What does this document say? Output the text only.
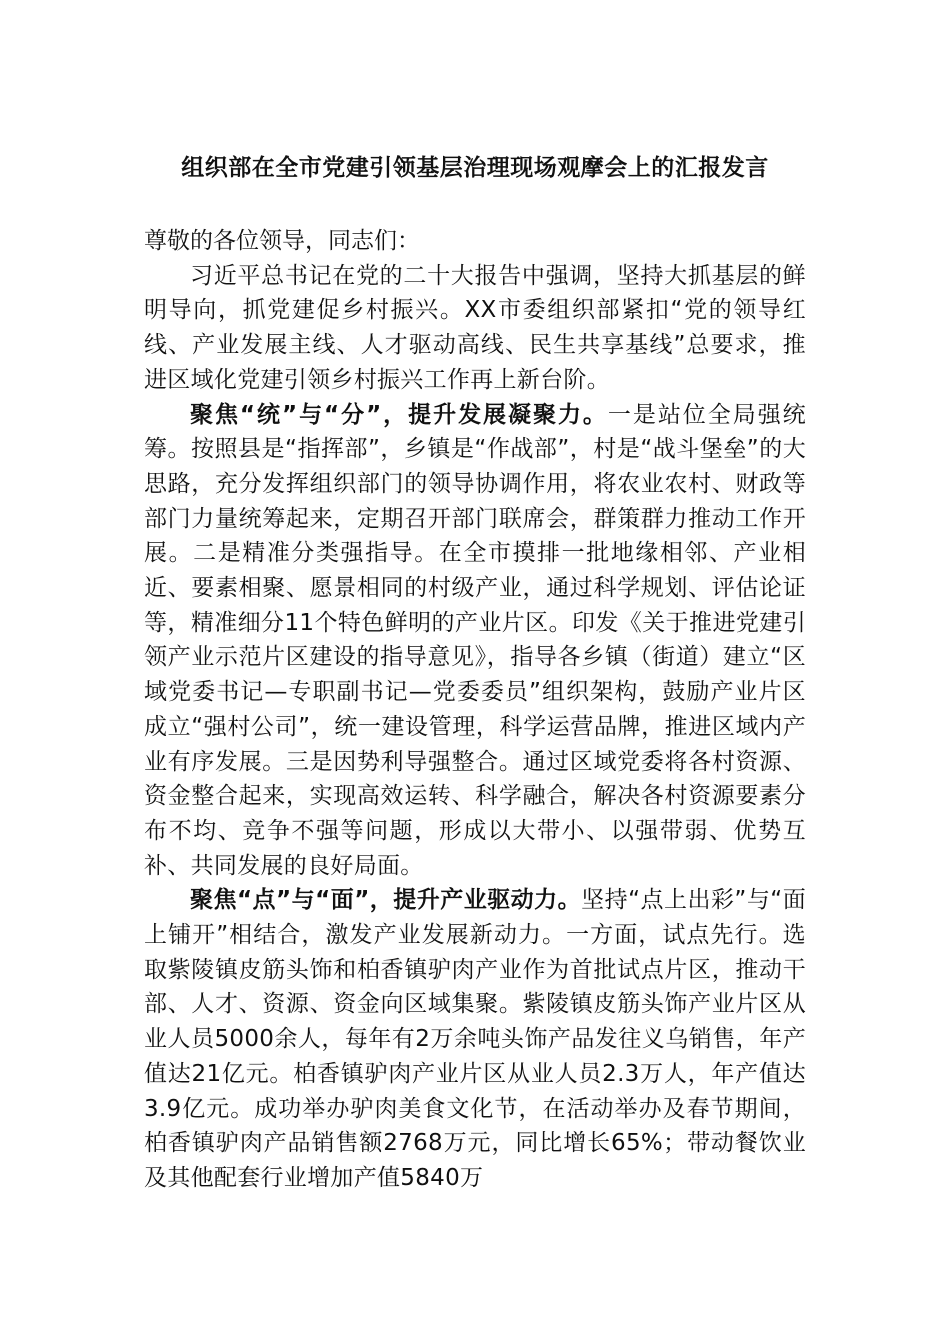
组织部在全市党建引领基层治理现场观摩会上的汇报发言

尊敬的各位领导，同志们：

习近平总书记在党的二十大报告中强调，坚持大抓基层的鲜明导向，抓党建促乡村振兴。XX市委组织部紧扣“党的领导红线、产业发展主线、人才驱动高线、民生共享基线”总要求，推进区域化党建引领乡村振兴工作再上新台阶。

聚焦“统”与“分”，提升发展凝聚力。一是站位全局强统筹。按照县是“指挥部”，乡镇是“作战部”，村是“战斗堡垒”的大思路，充分发挥组织部门的领导协调作用，将农业农村、财政等部门力量统筹起来，定期召开部门联席会，群策群力推动工作开展。二是精准分类强指导。在全市摸排一批地缘相邻、产业相近、要素相聚、愿景相同的村级产业，通过科学规划、评估论证等，精准细分11个特色鲜明的产业片区。印发《关于推进党建引领产业示范片区建设的指导意见》，指导各乡镇（街道）建立“区域党委书记—专职副书记—党委委员”组织架构，鼓励产业片区成立“强村公司”，统一建设管理，科学运营品牌，推进区域内产业有序发展。三是因势利导强整合。通过区域党委将各村资源、资金整合起来，实现高效运转、科学融合，解决各村资源要素分布不均、竞争不强等问题，形成以大带小、以强带弱、优势互补、共同发展的良好局面。

聚焦“点”与“面”，提升产业驱动力。坚持“点上出彩”与“面上铺开”相结合，激发产业发展新动力。一方面，试点先行。选取紫陵镇皮筋头饰和柏香镇驴肉产业作为首批试点片区，推动干部、人才、资源、资金向区域集聚。紫陵镇皮筋头饰产业片区从业人员5000余人，每年有2万余吨头饰产品发往义乌销售，年产值达21亿元。柏香镇驴肉产业片区从业人员2.3万人，年产值达3.9亿元。成功举办驴肉美食文化节，在活动举办及春节期间，柏香镇驴肉产品销售额2768万元，同比增长65%；带动餐饮业及其他配套行业增加产值5840万
